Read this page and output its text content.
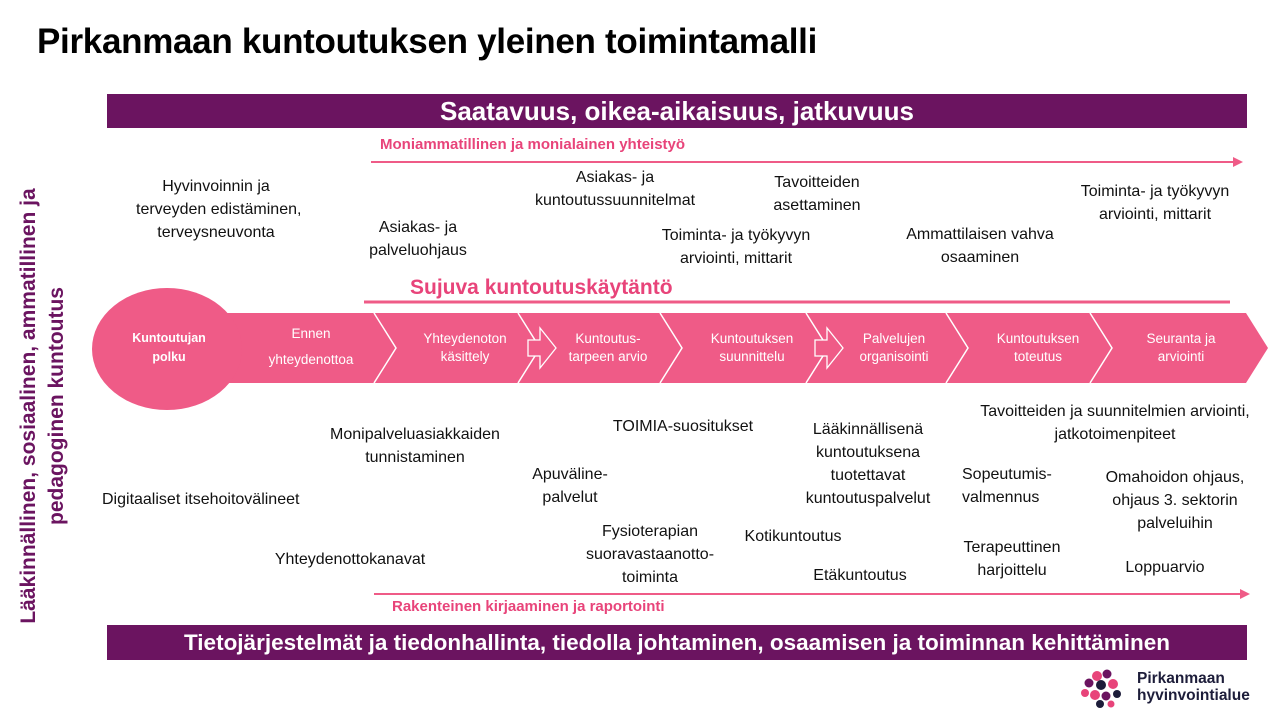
Pirkanmaan kuntoutuksen yleinen toimintamalli
Saatavuus, oikea-aikaisuus, jatkuvuus
Lääkinnällinen, sosiaalinen, ammatillinen ja pedagoginen kuntoutus
Moniammatillinen ja monialainen yhteistyö
Sujuva kuntoutuskäytäntö
Hyvinvoinnin ja
terveyden edistäminen,
terveysneuvonta	Asiakas- ja
palveluohjaus
Asiakas- ja
kuntoutussuunnitelmat
Toiminta- ja työkyvyn
arviointi, mittarit
Tavoitteiden
asettaminen
Ammattilaisen vahva
osaaminen
Toiminta- ja työkyvyn
arviointi, mittarit
Kuntoutujan
polku
Ennen
yhteydenottoa
Yhteydenoton
käsittely
Kuntoutus-
tarpeen arvio
Kuntoutuksen
suunnittelu
Palvelujen
organisointi
Kuntoutuksen
toteutus
Seuranta ja
arviointi
Digitaaliset itsehoitovälineet
Monipalveluasiakkaiden
tunnistaminen
Yhteydenottokanavat
TOIMIA-suositukset
Apuväline-
palvelut
Fysioterapian
suoravastaanotto-
toiminta
Kotikuntoutus
Lääkinnällisenä
kuntoutuksena
tuotettavat
kuntoutuspalvelut
Etäkuntoutus
Tavoitteiden ja suunnitelmien arviointi,
jatkotoimenpiteet
Sopeutumis-
valmennus
Omahoidon ohjaus,
ohjaus 3. sektorin
palveluihin
Terapeuttinen
harjoittelu	Loppuarvio
Rakenteinen kirjaaminen ja raportointi
Tietojärjestelmät ja tiedonhallinta, tiedolla johtaminen, osaamisen ja toiminnan kehittäminen
Pirkanmaan
hyvinvointialue
